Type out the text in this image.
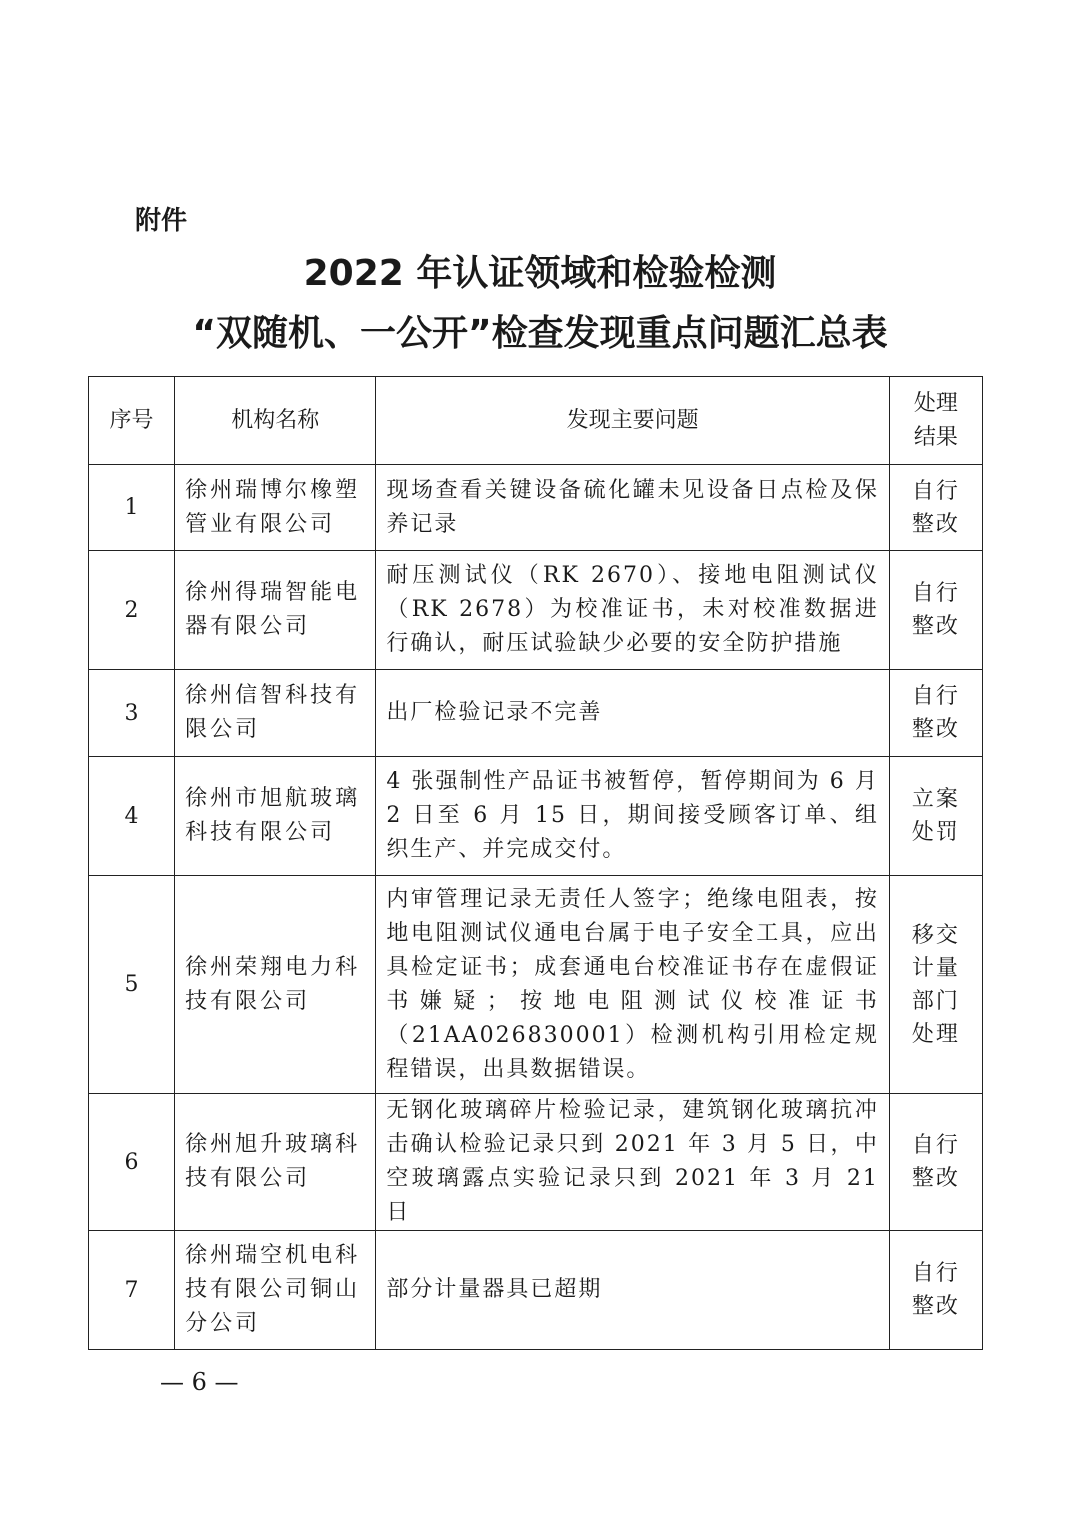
附件
2022 年认证领域和检验检测
“双随机、一公开”检查发现重点问题汇总表
序号	机构名称	发现主要问题	处理结果
1	徐州瑞博尔橡塑管业有限公司	现场查看关键设备硫化罐未见设备日点检及保养记录	自行整改
2	徐州得瑞智能电器有限公司	耐压测试仪（RK 2670）、接地电阻测试仪（RK 2678）为校准证书，未对校准数据进行确认，耐压试验缺少必要的安全防护措施	自行整改
3	徐州信智科技有限公司	出厂检验记录不完善	自行整改
4	徐州市旭航玻璃科技有限公司	4 张强制性产品证书被暂停，暂停期间为 6 月 2 日至 6 月 15 日，期间接受顾客订单、组织生产、并完成交付。	立案处罚
5	徐州荣翔电力科技有限公司	内审管理记录无责任人签字；绝缘电阻表，按地电阻测试仪通电台属于电子安全工具，应出具检定证书；成套通电台校准证书存在虚假证书嫌疑；按地电阻测试仪校准证书（21AA026830001）检测机构引用检定规程错误，出具数据错误。	移交计量部门处理
6	徐州旭升玻璃科技有限公司	无钢化玻璃碎片检验记录，建筑钢化玻璃抗冲击确认检验记录只到 2021 年 3 月 5 日，中空玻璃露点实验记录只到 2021 年 3 月 21 日	自行整改
7	徐州瑞空机电科技有限公司铜山分公司	部分计量器具已超期	自行整改
— 6 —
